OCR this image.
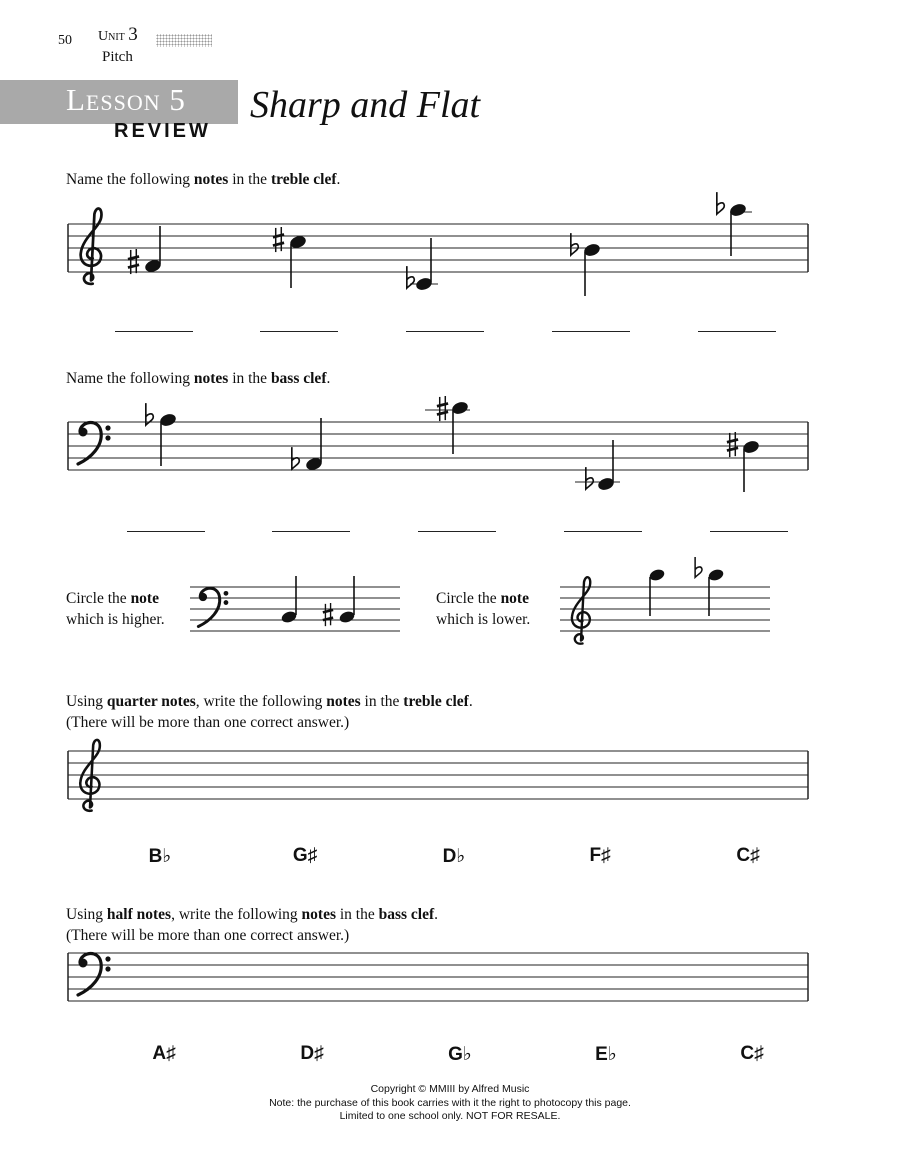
50 Unit 3
Pitch
Lesson 5
REVIEW
Sharp and Flat
Name the following notes in the treble clef.
Name the following notes in the bass clef.
Circle the note
which is higher.
Circle the note
which is lower.
Using quarter notes, write the following notes in the treble clef.
(There will be more than one correct answer.)
B♭	G♯	D♭	F♯	C♯
Using half notes, write the following notes in the bass clef.
(There will be more than one correct answer.)
A♯	D♯	G♭	E♭	C♯
Copyright © MMIII by Alfred Music
Note: the purchase of this book carries with it the right to photocopy this page.
Limited to one school only. NOT FOR RESALE.
